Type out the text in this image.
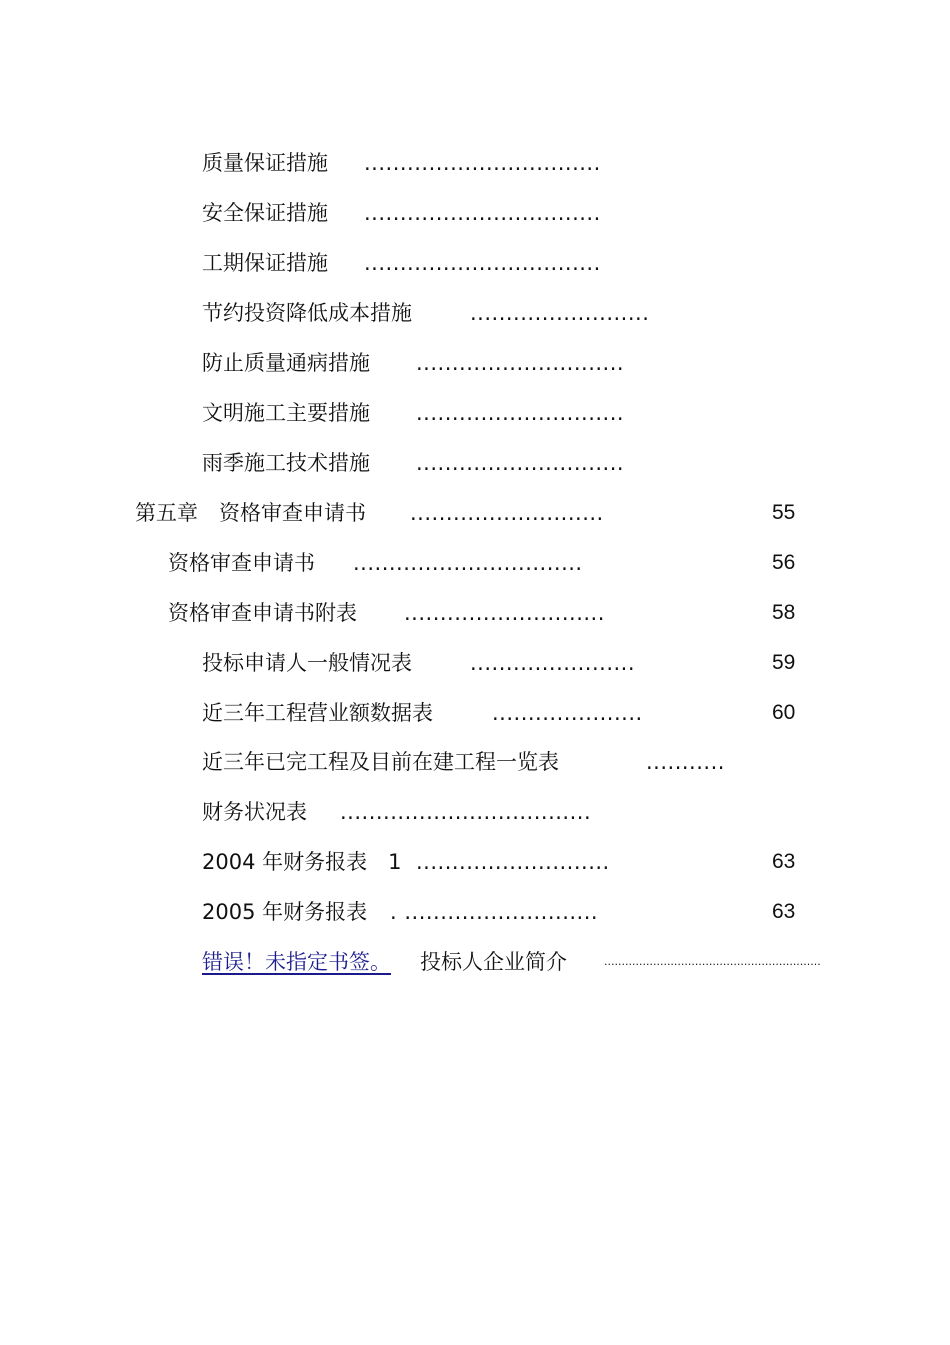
质量保证措施 .................................
安全保证措施 .................................
工期保证措施 .................................
节约投资降低成本措施	.........................
防止质量通病措施 .............................
文明施工主要措施 .............................
雨季施工技术措施 .............................
第五章　资格审查申请书 ...........................	55
资格审查申请书 ................................	56
资格审查申请书附表 ............................	58
投标申请人一般情况表	.......................	59
近三年工程营业额数据表	.....................	60
近三年已完工程及目前在建工程一览表	...........
财务状况表 ...................................
2004 年财务报表　1 ...........................	63
2005 年财务报表 . ...........................	63
错误！未指定书签。 投标人企业简介	..............................................................
